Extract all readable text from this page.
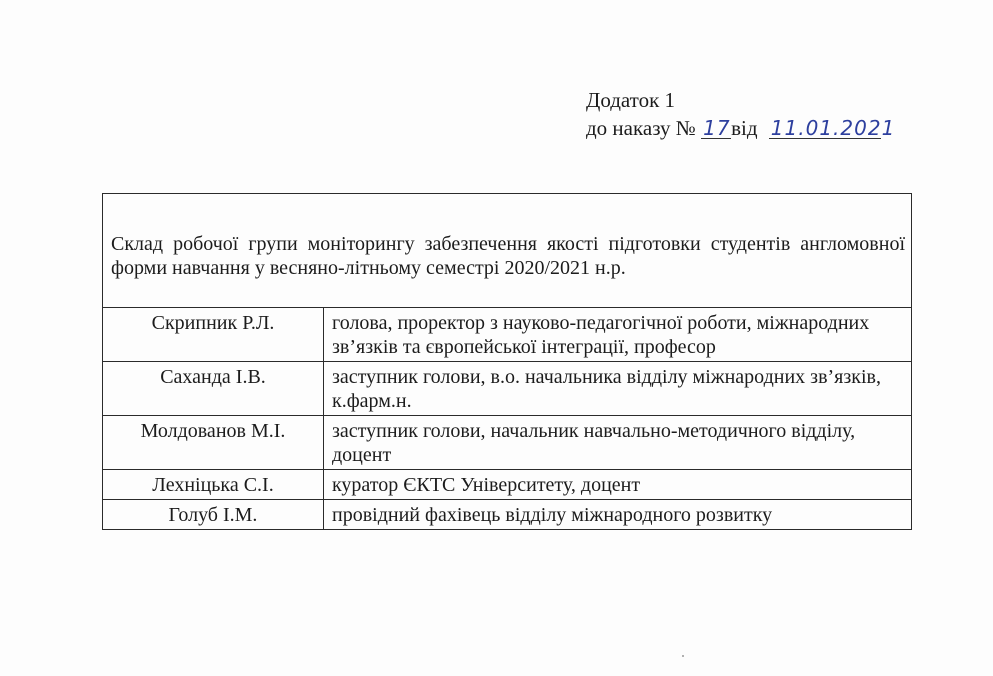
Додаток 1
до наказу № 17від 11.01.2021
Склад робочої групи моніторингу забезпечення якості підготовки студентів англомовної форми навчання у весняно-літньому семестрі 2020/2021 н.р.	

Скрипник Р.Л.	голова, проректор з науково-педагогічної роботи, міжнародних зв’язків та європейської інтеграції, професор
Саханда І.В.	заступник голови, в.о. начальника відділу міжнародних зв’язків, к.фарм.н.
Молдованов М.І.	заступник голови, начальник навчально-методичного відділу, доцент
Лехніцька С.І.	куратор ЄКТС Університету, доцент
Голуб І.М.	провідний фахівець відділу міжнародного розвитку
